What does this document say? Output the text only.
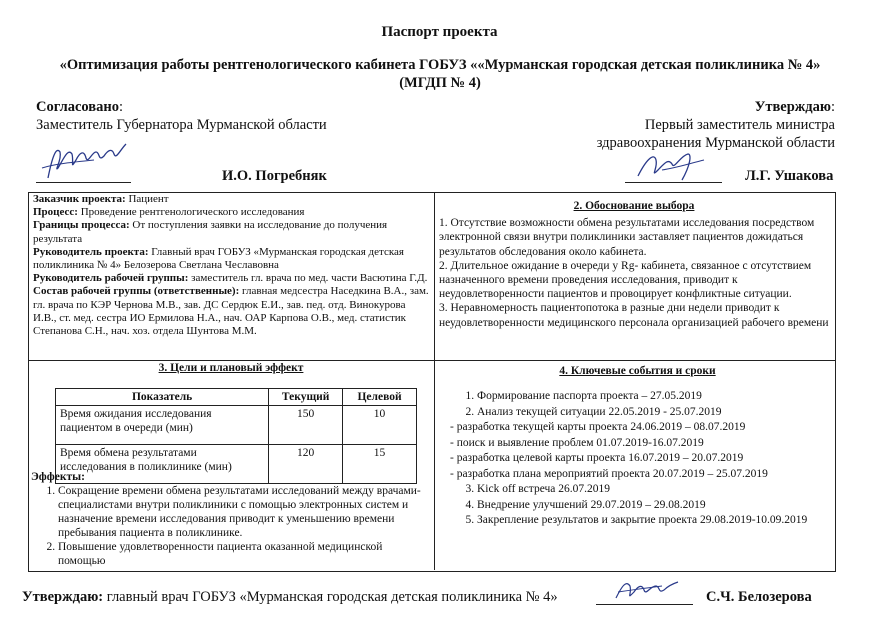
Паспорт проекта
«Оптимизация работы рентгенологического кабинета ГОБУЗ ««Мурманская городская детская поликлиника № 4»
(МГДП № 4)
Согласовано:
Заместитель Губернатора Мурманской области
И.О. Погребняк
Утверждаю:
Первый заместитель министра
здравоохранения Мурманской области
Л.Г. Ушакова

Заказчик проекта: Пациент

Процесс: Проведение рентгенологического исследования

Границы процесса: От поступления заявки на исследование до получения результата

Руководитель проекта: Главный врач ГОБУЗ «Мурманская городская детская поликлиника № 4» Белозерова Светлана Чеславовна

Руководитель рабочей группы: заместитель гл. врача по мед. части Васютина Г.Д.

Состав рабочей группы (ответственные): главная медсестра Наседкина В.А., зам. гл. врача по КЭР Чернова М.В., зав. ДС Сердюк Е.И., зав. пед. отд. Винокурова И.В., ст. мед. сестра ИО Ермилова Н.А., нач. ОАР Карпова О.В., мед. статистик Степанова С.Н., нач. хоз. отдела Шунтова М.М.

2. Обоснование выбора

1. Отсутствие возможности обмена результатами исследования посредством электронной связи внутри поликлиники заставляет пациентов дожидаться результатов обследования около кабинета.

2. Длительное ожидание в очереди у Rg- кабинета, связанное с отсутствием назначенного времени проведения исследования, приводит к неудовлетворенности пациентов и провоцирует конфликтные ситуации.

3. Неравномерность пациентопотока в разные дни недели приводит к неудовлетворенности медицинского персонала организацией рабочего времени

3. Цели и плановый эффект
Показатель	Текущий	Целевой
Время ожидания исследования пациентом в очереди (мин)	150	10
Время обмена результатами исследования в поликлинике (мин)	120	15
Эффекты:
1. Сокращение времени обмена результатами исследований между врачами-специалистами внутри поликлиники с помощью электронных систем и назначение времени исследования приводит к уменьшению времени пребывания пациента в поликлинике.
2. Повышение удовлетворенности пациента оказанной медицинской помощью
4. Ключевые события и сроки
1. Формирование паспорта проекта – 27.05.2019
2. Анализ текущей ситуации 22.05.2019 - 25.07.2019
- разработка текущей карты проекта 24.06.2019 – 08.07.2019
- поиск и выявление проблем 01.07.2019-16.07.2019
- разработка целевой карты проекта 16.07.2019 – 20.07.2019
- разработка плана мероприятий проекта 20.07.2019 – 25.07.2019
3. Kick off встреча 26.07.2019
4. Внедрение улучшений 29.07.2019 – 29.08.2019
5. Закрепление результатов и закрытие проекта 29.08.2019-10.09.2019
Утверждаю: главный врач ГОБУЗ «Мурманская городская детская поликлиника № 4»	С.Ч. Белозерова
